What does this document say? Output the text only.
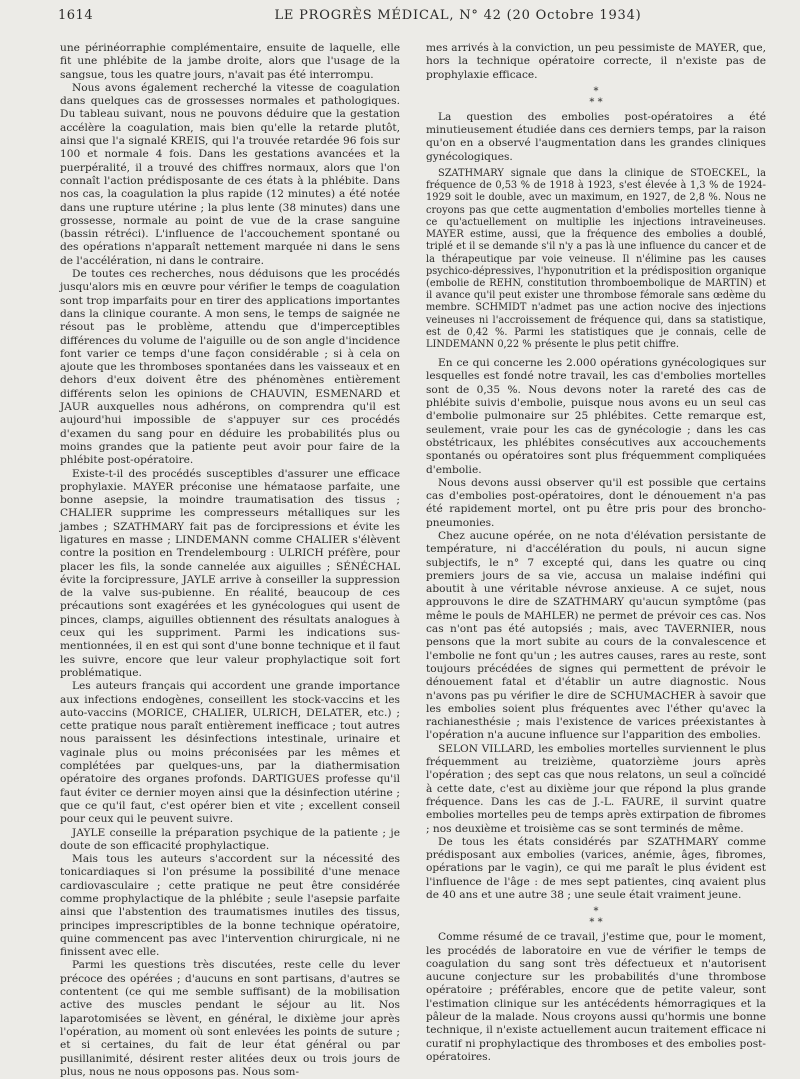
1614	LE PROGRÈS MÉDICAL, N° 42 (20 Octobre 1934)

une périnéorraphie complémentaire, ensuite de laquelle, elle fit une phlébite de la jambe droite, alors que l'usage de la sangsue, tous les quatre jours, n'avait pas été interrompu.

Nous avons également recherché la vitesse de coagulation dans quelques cas de grossesses normales et pathologiques. Du tableau suivant, nous ne pouvons déduire que la gestation accélère la coagulation, mais bien qu'elle la retarde plutôt, ainsi que l'a signalé KREIS, qui l'a trouvée retardée 96 fois sur 100 et normale 4 fois. Dans les gestations avancées et la puerpéralité, il a trouvé des chiffres normaux, alors que l'on connaît l'action prédisposante de ces états à la phlébite. Dans nos cas, la coagulation la plus rapide (12 minutes) a été notée dans une rupture utérine ; la plus lente (38 minutes) dans une grossesse, normale au point de vue de la crase sanguine (bassin rétréci). L'influence de l'accouchement spontané ou des opérations n'apparaît nettement marquée ni dans le sens de l'accélération, ni dans le contraire.

De toutes ces recherches, nous déduisons que les procédés jusqu'alors mis en œuvre pour vérifier le temps de coagulation sont trop imparfaits pour en tirer des applications importantes dans la clinique courante. A mon sens, le temps de saignée ne résout pas le problème, attendu que d'imperceptibles différences du volume de l'aiguille ou de son angle d'incidence font varier ce temps d'une façon considérable ; si à cela on ajoute que les thromboses spontanées dans les vaisseaux et en dehors d'eux doivent être des phénomènes entièrement différents selon les opinions de CHAUVIN, ESMENARD et JAUR auxquelles nous adhérons, on comprendra qu'il est aujourd'hui impossible de s'appuyer sur ces procédés d'examen du sang pour en déduire les probabilités plus ou moins grandes que la patiente peut avoir pour faire de la phlébite post-opératoire.

Existe-t-il des procédés susceptibles d'assurer une efficace prophylaxie. MAYER préconise une hémataose parfaite, une bonne asepsie, la moindre traumatisation des tissus ; CHALIER supprime les compresseurs métalliques sur les jambes ; SZATHMARY fait pas de forcipressions et évite les ligatures en masse ; LINDEMANN comme CHALIER s'élèvent contre la position en Trendelembourg : ULRICH préfère, pour placer les fils, la sonde cannelée aux aiguilles ; SÉNÉCHAL évite la forcipressure, JAYLE arrive à conseiller la suppression de la valve sus-pubienne. En réalité, beaucoup de ces précautions sont exagérées et les gynécologues qui usent de pinces, clamps, aiguilles obtiennent des résultats analogues à ceux qui les suppriment. Parmi les indications sus-mentionnées, il en est qui sont d'une bonne technique et il faut les suivre, encore que leur valeur prophylactique soit fort problématique.

Les auteurs français qui accordent une grande importance aux infections endogènes, conseillent les stock-vaccins et les auto-vaccins (MORICE, CHALIER, ULRICH, DELATER, etc.) ; cette pratique nous paraît entièrement inefficace ; tout autres nous paraissent les désinfections intestinale, urinaire et vaginale plus ou moins préconisées par les mêmes et complétées par quelques-uns, par la diathermisation opératoire des organes profonds. DARTIGUES professe qu'il faut éviter ce dernier moyen ainsi que la désinfection utérine ; que ce qu'il faut, c'est opérer bien et vite ; excellent conseil pour ceux qui le peuvent suivre.

JAYLE conseille la préparation psychique de la patiente ; je doute de son efficacité prophylactique.

Mais tous les auteurs s'accordent sur la nécessité des tonicardiaques si l'on présume la possibilité d'une menace cardiovasculaire ; cette pratique ne peut être considérée comme prophylactique de la phlébite ; seule l'asepsie parfaite ainsi que l'abstention des traumatismes inutiles des tissus, principes imprescriptibles de la bonne technique opératoire, quine commencent pas avec l'intervention chirurgicale, ni ne finissent avec elle.

Parmi les questions très discutées, reste celle du lever précoce des opérées ; d'aucuns en sont partisans, d'autres se contentent (ce qui me semble suffisant) de la mobilisation active des muscles pendant le séjour au lit. Nos laparotomisées se lèvent, en général, le dixième jour après l'opération, au moment où sont enlevées les points de suture ; et si certaines, du fait de leur état général ou par pusillanimité, désirent rester alitées deux ou trois jours de plus, nous ne nous opposons pas. Nous som-

mes arrivés à la conviction, un peu pessimiste de MAYER, que, hors la technique opératoire correcte, il n'existe pas de prophylaxie efficace.

*
* *

La question des embolies post-opératoires a été minutieusement étudiée dans ces derniers temps, par la raison qu'on en a observé l'augmentation dans les grandes cliniques gynécologiques.

SZATHMARY signale que dans la clinique de STOECKEL, la fréquence de 0,53 % de 1918 à 1923, s'est élevée à 1,3 % de 1924-1929 soit le double, avec un maximum, en 1927, de 2,8 %. Nous ne croyons pas que cette augmentation d'embolies mortelles tienne à ce qu'actuellement on multiplie les injections intraveineuses. MAYER estime, aussi, que la fréquence des embolies a doublé, triplé et il se demande s'il n'y a pas là une influence du cancer et de la thérapeutique par voie veineuse. Il n'élimine pas les causes psychico-dépressives, l'hyponutrition et la prédisposition organique (embolie de REHN, constitution thromboembolique de MARTIN) et il avance qu'il peut exister une thrombose fémorale sans œdème du membre. SCHMIDT n'admet pas une action nocive des injections veineuses ni l'accroissement de fréquence qui, dans sa statistique, est de 0,42 %. Parmi les statistiques que je connais, celle de LINDEMANN 0,22 % présente le plus petit chiffre.

En ce qui concerne les 2.000 opérations gynécologiques sur lesquelles est fondé notre travail, les cas d'embolies mortelles sont de 0,35 %. Nous devons noter la rareté des cas de phlébite suivis d'embolie, puisque nous avons eu un seul cas d'embolie pulmonaire sur 25 phlébites. Cette remarque est, seulement, vraie pour les cas de gynécologie ; dans les cas obstétricaux, les phlébites consécutives aux accouchements spontanés ou opératoires sont plus fréquemment compliquées d'embolie.

Nous devons aussi observer qu'il est possible que certains cas d'embolies post-opératoires, dont le dénouement n'a pas été rapidement mortel, ont pu être pris pour des broncho-pneumonies.

Chez aucune opérée, on ne nota d'élévation persistante de température, ni d'accélération du pouls, ni aucun signe subjectifs, le n° 7 excepté qui, dans les quatre ou cinq premiers jours de sa vie, accusa un malaise indéfini qui aboutit à une véritable névrose anxieuse. A ce sujet, nous approuvons le dire de SZATHMARY qu'aucun symptôme (pas même le pouls de MAHLER) ne permet de prévoir ces cas. Nos cas n'ont pas été autopsiés ; mais, avec TAVERNIER, nous pensons que la mort subite au cours de la convalescence et l'embolie ne font qu'un ; les autres causes, rares au reste, sont toujours précédées de signes qui permettent de prévoir le dénouement fatal et d'établir un autre diagnostic. Nous n'avons pas pu vérifier le dire de SCHUMACHER à savoir que les embolies soient plus fréquentes avec l'éther qu'avec la rachianesthésie ; mais l'existence de varices préexistantes à l'opération n'a aucune influence sur l'apparition des embolies.

SELON VILLARD, les embolies mortelles surviennent le plus fréquemment au treizième, quatorzième jours après l'opération ; des sept cas que nous relatons, un seul a coïncidé à cette date, c'est au dixième jour que répond la plus grande fréquence. Dans les cas de J.-L. FAURE, il survint quatre embolies mortelles peu de temps après extirpation de fibromes ; nos deuxième et troisième cas se sont terminés de même.

De tous les états considérés par SZATHMARY comme prédisposant aux embolies (varices, anémie, âges, fibromes, opérations par le vagin), ce qui me paraît le plus évident est l'influence de l'âge : de mes sept patientes, cinq avaient plus de 40 ans et une autre 38 ; une seule était vraiment jeune.

*
* *

Comme résumé de ce travail, j'estime que, pour le moment, les procédés de laboratoire en vue de vérifier le temps de coagulation du sang sont très défectueux et n'autorisent aucune conjecture sur les probabilités d'une thrombose opératoire ; préférables, encore que de petite valeur, sont l'estimation clinique sur les antécédents hémorragiques et la pâleur de la malade. Nous croyons aussi qu'hormis une bonne technique, il n'existe actuellement aucun traitement efficace ni curatif ni prophylactique des thromboses et des embolies post-opératoires.
